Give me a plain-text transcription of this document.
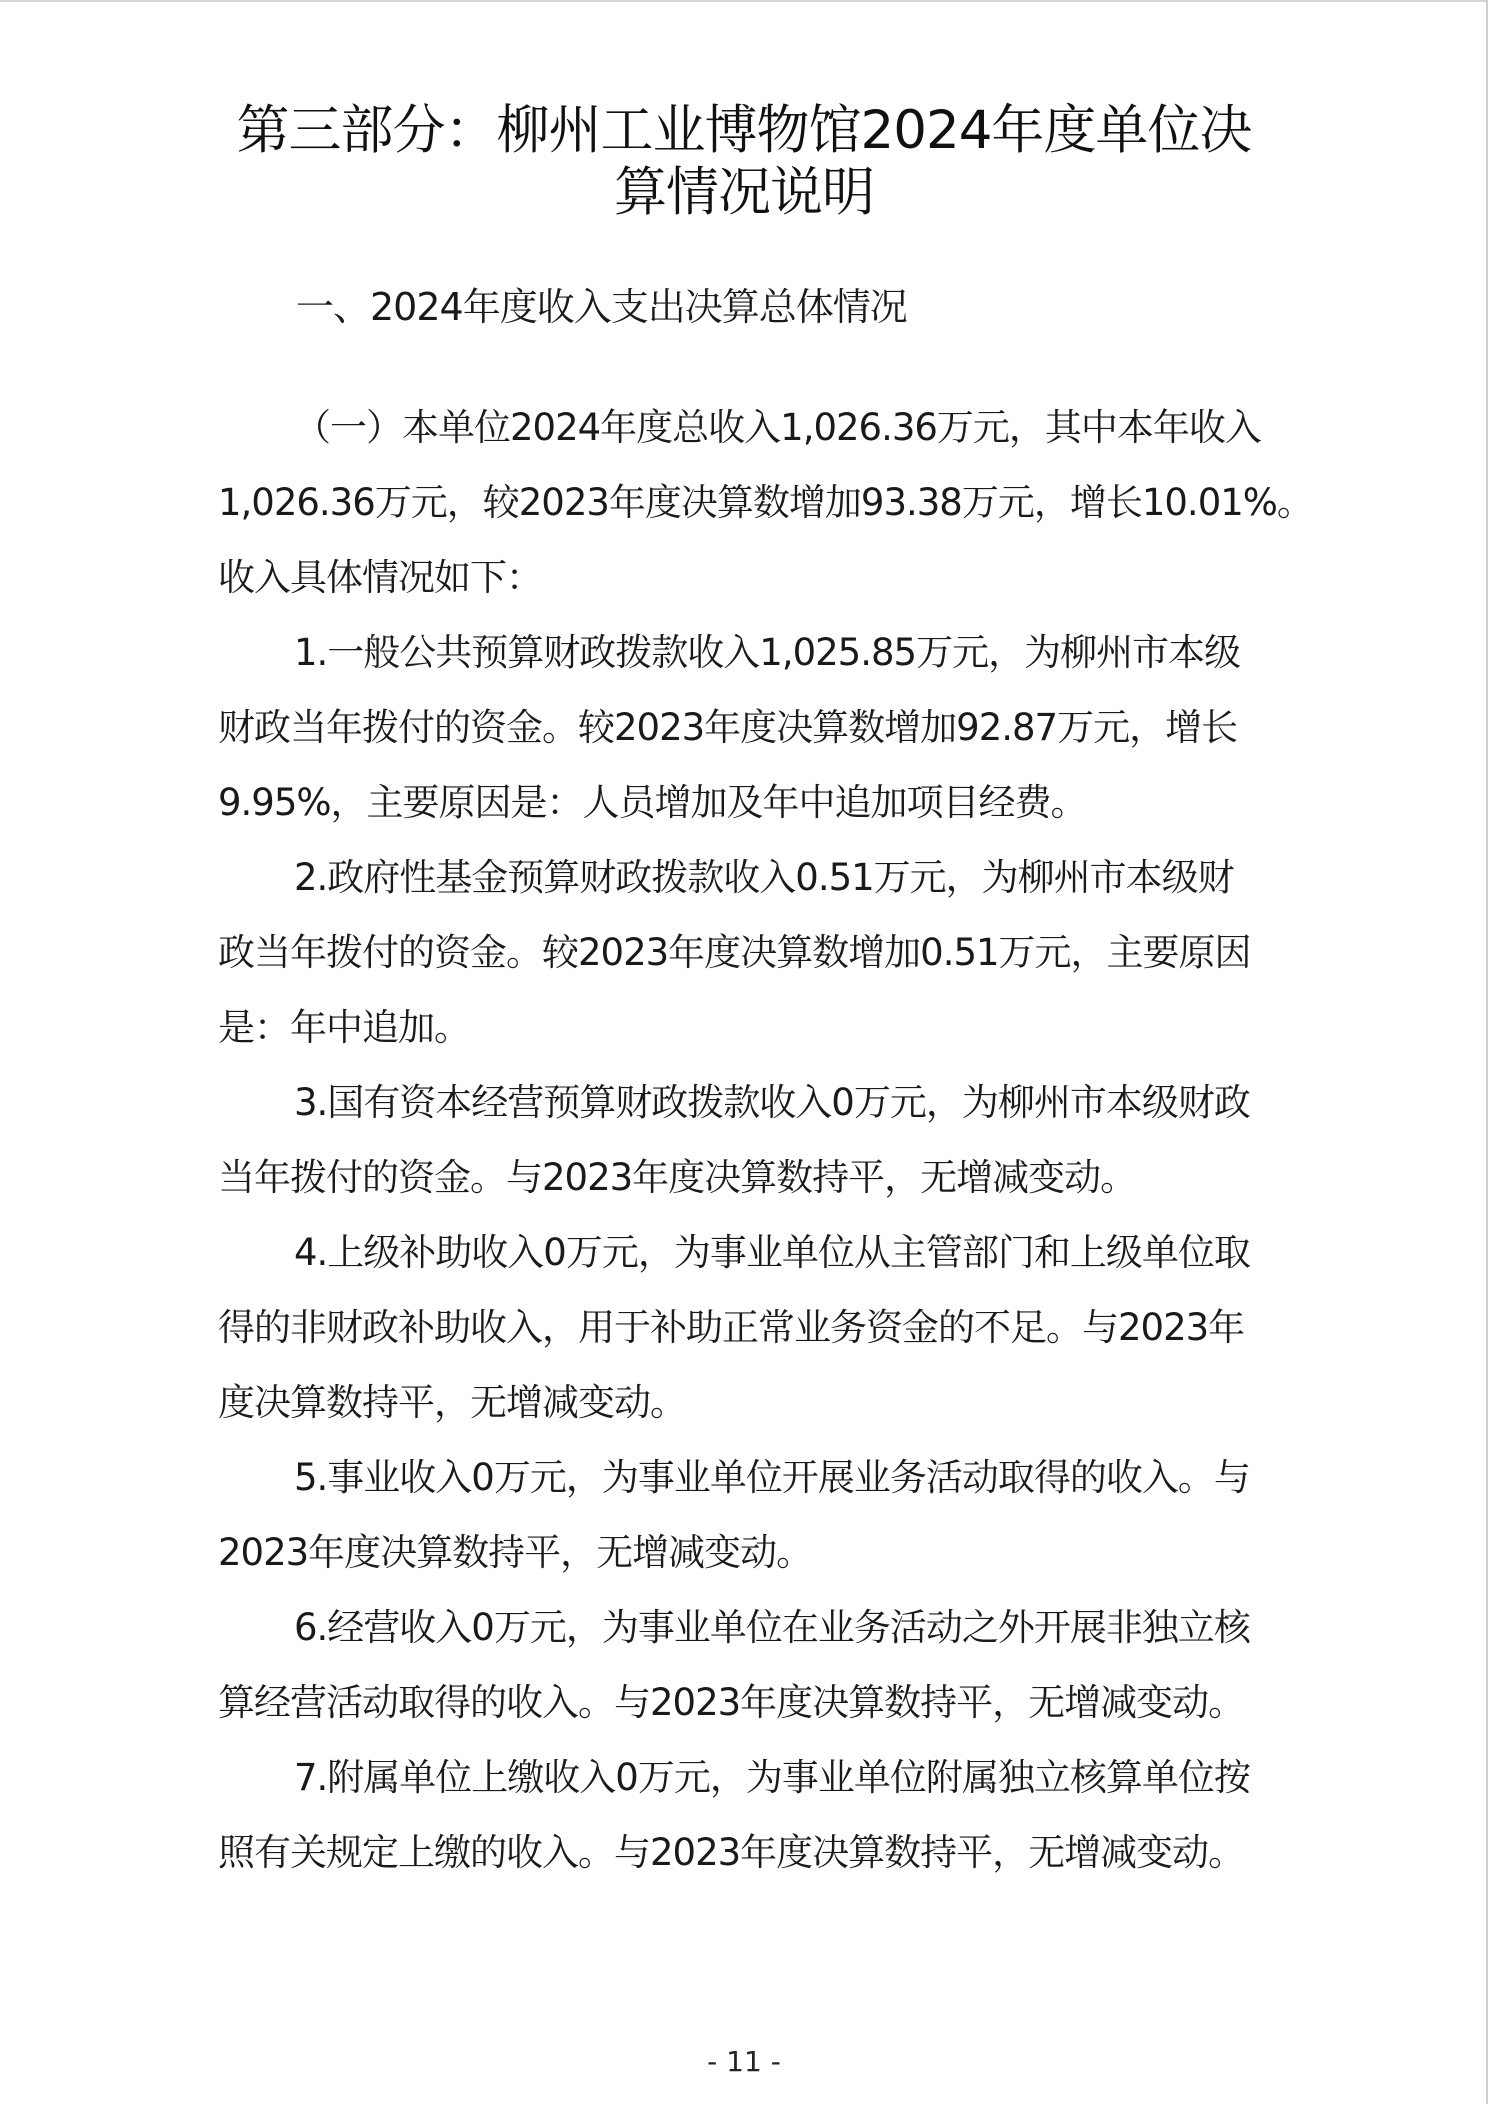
第三部分：柳州工业博物馆2024年度单位决
算情况说明
一、2024年度收入支出决算总体情况
（一）本单位2024年度总收入1,026.36万元，其中本年收入
1,026.36万元，较2023年度决算数增加93.38万元，增长10.01%。
收入具体情况如下：
1.一般公共预算财政拨款收入1,025.85万元，为柳州市本级
财政当年拨付的资金。较2023年度决算数增加92.87万元，增长
9.95%，主要原因是：人员增加及年中追加项目经费。
2.政府性基金预算财政拨款收入0.51万元，为柳州市本级财
政当年拨付的资金。较2023年度决算数增加0.51万元，主要原因
是：年中追加。
3.国有资本经营预算财政拨款收入0万元，为柳州市本级财政
当年拨付的资金。与2023年度决算数持平，无增减变动。
4.上级补助收入0万元，为事业单位从主管部门和上级单位取
得的非财政补助收入，用于补助正常业务资金的不足。与2023年
度决算数持平，无增减变动。
5.事业收入0万元，为事业单位开展业务活动取得的收入。与
2023年度决算数持平，无增减变动。
6.经营收入0万元，为事业单位在业务活动之外开展非独立核
算经营活动取得的收入。与2023年度决算数持平，无增减变动。
7.附属单位上缴收入0万元，为事业单位附属独立核算单位按
照有关规定上缴的收入。与2023年度决算数持平，无增减变动。
- 11 -
